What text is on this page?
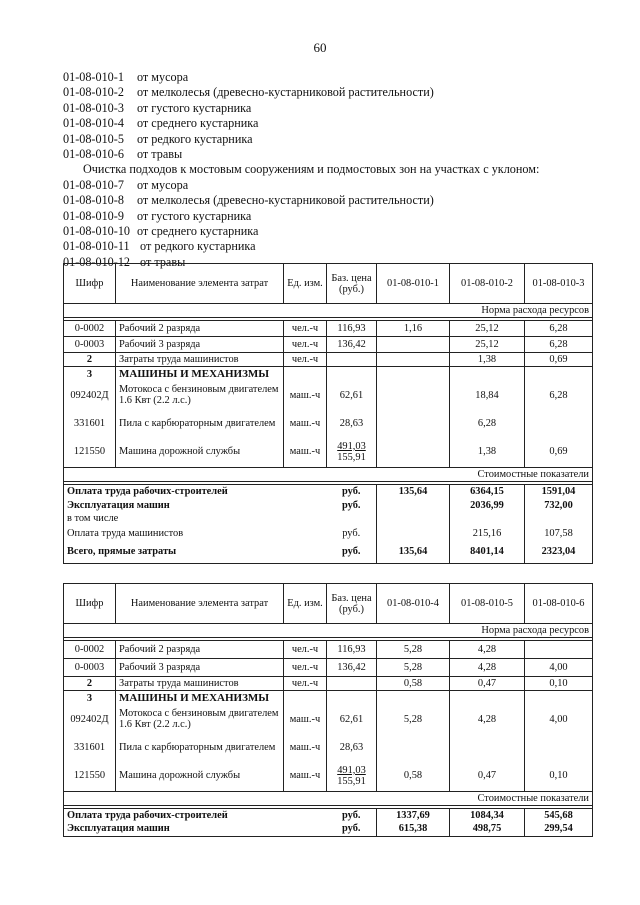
60
01-08-010-1 от мусора
01-08-010-2 от мелколесья (древесно-кустарниковой растительности)
01-08-010-3 от густого кустарника
01-08-010-4 от среднего кустарника
01-08-010-5 от редкого кустарника
01-08-010-6 от травы
Очистка подходов к мостовым сооружениям и подмостовых зон на участках с уклоном:
01-08-010-7 от мусора
01-08-010-8 от мелколесья (древесно-кустарниковой растительности)
01-08-010-9 от густого кустарника
01-08-010-10 от среднего кустарника
01-08-010-11 от редкого кустарника
01-08-010-12 от травы
Шифр	Наименование элемента затрат	Ед. изм.	Баз. цена (руб.)	01-08-010-1	01-08-010-2	01-08-010-3
Норма расхода ресурсов						

0-0002	Рабочий 2 разряда	чел.-ч	116,93	1,16	25,12	6,28
0-0003	Рабочий 3 разряда	чел.-ч	136,42		25,12	6,28
2	Затраты труда машинистов	чел.-ч			1,38	0,69
3	МАШИНЫ И МЕХАНИЗМЫ					
092402Д	Мотокоса с бензиновым двигателем 1.6 Квт (2.2 л.с.)	маш.-ч	62,61		18,84	6,28
331601	Пила с карбюраторным двигателем	маш.-ч	28,63		6,28	
121550	Машина дорожной службы	маш.-ч	491,03
155,91		1,38	0,69
Стоимостные показатели						

Оплата труда рабочих-строителей			руб.	135,64	6364,15	1591,04
Эксплуатация машин			руб.		2036,99	732,00
в том числе						
Оплата труда машинистов			руб.		215,16	107,58
Всего, прямые затраты			руб.	135,64	8401,14	2323,04
Шифр	Наименование элемента затрат	Ед. изм.	Баз. цена (руб.)	01-08-010-4	01-08-010-5	01-08-010-6
Норма расхода ресурсов						

0-0002	Рабочий 2 разряда	чел.-ч	116,93	5,28	4,28	
0-0003	Рабочий 3 разряда	чел.-ч	136,42	5,28	4,28	4,00
2	Затраты труда машинистов	чел.-ч		0,58	0,47	0,10
3	МАШИНЫ И МЕХАНИЗМЫ					
092402Д	Мотокоса с бензиновым двигателем 1.6 Квт (2.2 л.с.)	маш.-ч	62,61	5,28	4,28	4,00
331601	Пила с карбюраторным двигателем	маш.-ч	28,63			
121550	Машина дорожной службы	маш.-ч	491,03
155,91	0,58	0,47	0,10
Стоимостные показатели						

Оплата труда рабочих-строителей			руб.	1337,69	1084,34	545,68
Эксплуатация машин			руб.	615,38	498,75	299,54
